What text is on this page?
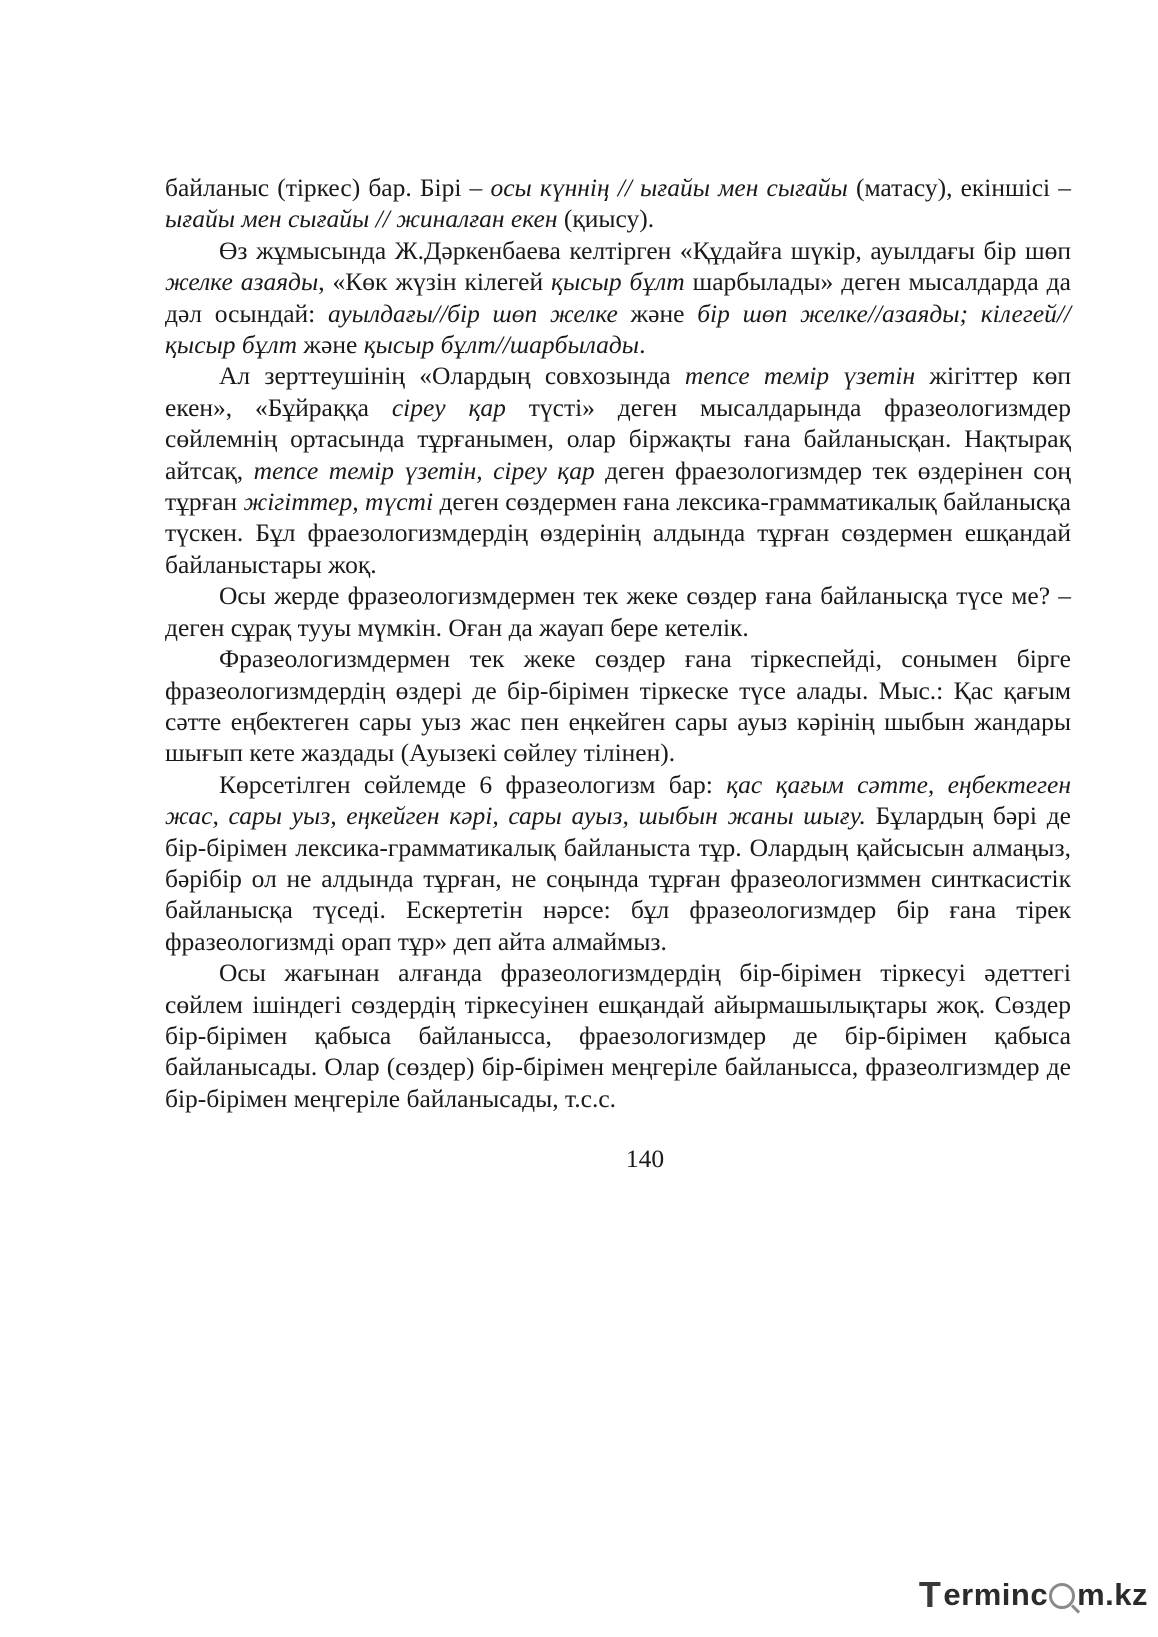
байланыс (тіркес) бар. Бірі – осы күннің // ығайы мен сығайы (матасу), екіншісі – ығайы мен сығайы // жиналған екен (қиысу).

Өз жұмысында Ж.Дәркенбаева келтірген «Құдайға шүкір, ауылдағы бір шөп желке азаяды, «Көк жүзін кілегей қысыр бұлт шарбылады» деген мысалдарда да дәл осындай: ауылдағы//бір шөп желке және бір шөп желке//азаяды; кілегей//қысыр бұлт және қысыр бұлт//шарбылады.

Ал зерттеушінің «Олардың совхозында тепсе темір үзетін жігіттер көп екен», «Бұйраққа сіреу қар түсті» деген мысалдарында фразеологизмдер сөйлемнің ортасында тұрғанымен, олар біржақты ғана байланысқан. Нақтырақ айтсақ, тепсе темір үзетін, сіреу қар деген фраезологизмдер тек өздерінен соң тұрған жігіттер, түсті деген сөздермен ғана лексика-грамматикалық байланысқа түскен. Бұл фраезологизмдердің өздерінің алдында тұрған сөздермен ешқандай байланыстары жоқ.

Осы жерде фразеологизмдермен тек жеке сөздер ғана байланысқа түсе ме? – деген сұрақ тууы мүмкін. Оған да жауап бере кетелік.

Фразеологизмдермен тек жеке сөздер ғана тіркеспейді, сонымен бірге фразеологизмдердің өздері де бір-бірімен тіркеске түсе алады. Мыс.: Қас қағым сәтте еңбектеген сары уыз жас пен еңкейген сары ауыз кәрінің шыбын жандары шығып кете жаздады (Ауызекі сөйлеу тілінен).

Көрсетілген сөйлемде 6 фразеологизм бар: қас қағым сәтте, еңбектеген жас, сары уыз, еңкейген кәрі, сары ауыз, шыбын жаны шығу. Бұлардың бәрі де бір-бірімен лексика-грамматикалық байланыста тұр. Олардың қайсысын алмаңыз, бәрібір ол не алдында тұрған, не соңында тұрған фразеологизммен синткасистік байланысқа түседі. Ескертетін нәрсе: бұл фразеологизмдер бір ғана тірек фразеологизмді орап тұр» деп айта алмаймыз.

Осы жағынан алғанда фразеологизмдердің бір-бірімен тіркесуі әдеттегі сөйлем ішіндегі сөздердің тіркесуінен ешқандай айырмашылықтары жоқ. Сөздер бір-бірімен қабыса байланысса, фраезологизмдер де бір-бірімен қабыса байланысады. Олар (сөздер) бір-бірімен меңгеріле байланысса, фразеолгизмдер де бір-бірімен меңгеріле байланысады, т.с.с.

140
T erminc m.kz
